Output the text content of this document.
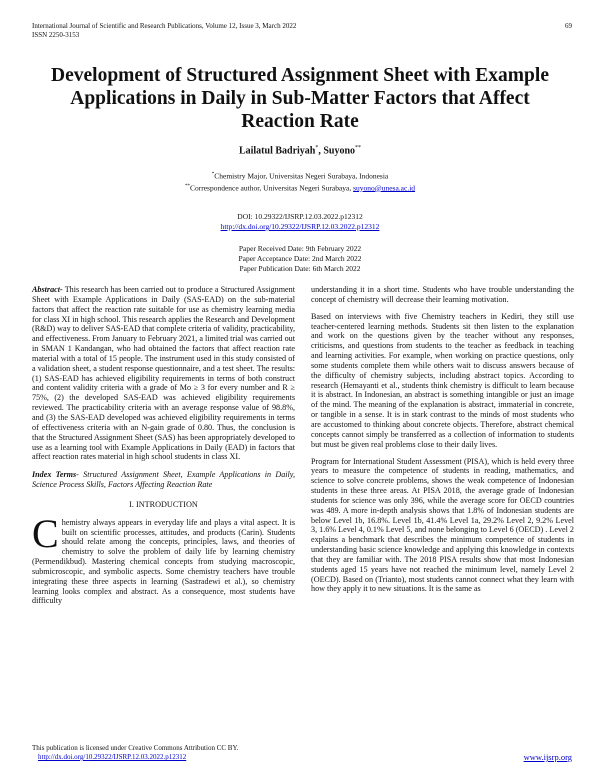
International Journal of Scientific and Research Publications, Volume 12, Issue 3, March 2022
ISSN 2250-3153
69
Development of Structured Assignment Sheet with Example Applications in Daily in Sub-Matter Factors that Affect Reaction Rate
Lailatul Badriyah*, Suyono**
*Chemistry Major, Universitas Negeri Surabaya, Indonesia
**Correspondence author, Universitas Negeri Surabaya, suyono@unesa.ac.id
DOI: 10.29322/IJSRP.12.03.2022.p12312
http://dx.doi.org/10.29322/IJSRP.12.03.2022.p12312
Paper Received Date: 9th February 2022
Paper Acceptance Date: 2nd March 2022
Paper Publication Date: 6th March 2022

Abstract- This research has been carried out to produce a Structured Assignment Sheet with Example Applications in Daily (SAS-EAD) on the sub-material factors that affect the reaction rate suitable for use as chemistry learning media for class XI in high school. This research applies the Research and Development (R&D) way to deliver SAS-EAD that complete criteria of validity, practicability, and effectiveness. From January to February 2021, a limited trial was carried out in SMAN 1 Kandangan, who had obtained the factors that affect reaction rate material with a total of 15 people. The instrument used in this study consisted of a validation sheet, a student response questionnaire, and a test sheet. The results: (1) SAS-EAD has achieved eligibility requirements in terms of both construct and content validity criteria with a grade of Mo ≥ 3 for every number and R ≥ 75%, (2) the developed SAS-EAD was achieved eligibility requirements reviewed. The practicability criteria with an average response value of 98.8%, and (3) the SAS-EAD developed was achieved eligibility requirements in terms of effectiveness criteria with an N-gain grade of 0.80. Thus, the conclusion is that the Structured Assignment Sheet (SAS) has been appropriately developed to use as a learning tool with Example Applications in Daily (EAD) in factors that affect reaction rates material in high school students in class XI.

Index Terms- Structured Assignment Sheet, Example Applications in Daily, Science Process Skills, Factors Affecting Reaction Rate

I. INTRODUCTION

Chemistry always appears in everyday life and plays a vital aspect. It is built on scientific processes, attitudes, and products (Carin). Students should relate among the concepts, principles, laws, and theories of chemistry to solve the problem of daily life by learning chemistry (Permendikbud). Mastering chemical concepts from studying macroscopic, submicroscopic, and symbolic aspects. Some chemistry teachers have trouble integrating these three aspects in learning (Sastradewi et al.), so chemistry learning looks complex and abstract. As a consequence, most students have difficulty

understanding it in a short time. Students who have trouble understanding the concept of chemistry will decrease their learning motivation.

Based on interviews with five Chemistry teachers in Kediri, they still use teacher-centered learning methods. Students sit then listen to the explanation and work on the questions given by the teacher without any responses, criticisms, and questions from students to the teacher as feedback in teaching and learning activities. For example, when working on practice questions, only some students complete them while others wait to discuss answers because of the difficulty of chemistry subjects, including abstract topics. According to research (Hemayanti et al., students think chemistry is difficult to learn because it is abstract. In Indonesian, an abstract is something intangible or just an image of the mind. The meaning of the explanation is abstract, immaterial in concrete, or tangible in a sense. It is in stark contrast to the minds of most students who are accustomed to thinking about concrete objects. Therefore, abstract chemical concepts cannot simply be transferred as a collection of information to students but must be given real problems close to their daily lives.

Program for International Student Assessment (PISA), which is held every three years to measure the competence of students in reading, mathematics, and science to solve concrete problems, shows the weak competence of Indonesian students in these three areas. At PISA 2018, the average grade of Indonesian students for science was only 396, while the average score for OECD countries was 489. A more in-depth analysis shows that 1.8% of Indonesian students are below Level 1b, 16.8%. Level 1b, 41.4% Level 1a, 29.2% Level 2, 9.2% Level 3, 1.6% Level 4, 0.1% Level 5, and none belonging to Level 6 (OECD) . Level 2 explains a benchmark that describes the minimum competence of students in understanding basic science knowledge and applying this knowledge in contexts that they are familiar with. The 2018 PISA results show that most Indonesian students aged 15 years have not reached the minimum level, namely Level 2 (OECD). Based on (Trianto), most students cannot connect what they learn with how they apply it to new situations. It is the same as

This publication is licensed under Creative Commons Attribution CC BY.
http://dx.doi.org/10.29322/IJSRP.12.03.2022.p12312	www.ijsrp.org
